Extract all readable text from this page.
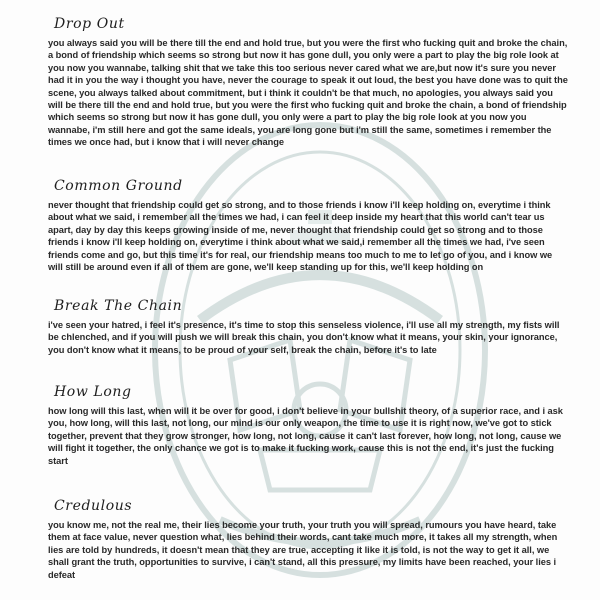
Drop Out

you always said you will be there till the end and hold true, but you were the first who fucking quit and broke the chain, a bond of friendship which seems so strong but now it has gone dull, you only were a part to play the big role look at you now you wannabe, talking shit that we take this too serious never cared what we are,but now it's sure you never had it in you the way i thought you have, never the courage to speak it out loud, the best you have done was to quit the scene, you always talked about commitment, but i think it couldn't be that much, no apologies, you always said you will be there till the end and hold true, but you were the first who fucking quit and broke the chain, a bond of friendship which seems so strong but now it has gone dull, you only were a part to play the big role look at you now you wannabe, i'm still here and got the same ideals, you are long gone but i'm still the same, sometimes i remember the times we once had, but i know that i will never change

Common Ground

never thought that friendship could get so strong, and to those friends i know i'll keep holding on, everytime i think about what we said, i remember all the times we had, i can feel it deep inside my heart that this world can't tear us apart, day by day this keeps growing inside of me, never thought that friendship could get so strong and to those friends i know i'll keep holding on, everytime i think about what we said,i remember all the times we had, i've seen friends come and go, but this time it's for real, our friendship means too much to me to let go of you, and i know we will still be around even if all of them are gone, we'll keep standing up for this, we'll keep holding on

Break The Chain

i've seen your hatred, i feel it's presence, it's time to stop this senseless violence, i'll use all my strength, my fists will be chlenched, and if you will push we will break this chain, you don't know what it means, your skin, your ignorance, you don't know what it means, to be proud of your self, break the chain, before it's to late

How Long

how long will this last, when will it be over for good, i don't believe in your bullshit theory, of a superior race, and i ask you, how long, will this last, not long, our mind is our only weapon, the time to use it is right now, we've got to stick together, prevent that they grow stronger, how long, not long, cause it can't last forever, how long, not long, cause we will fight it together, the only chance we got is to make it fucking work, cause this is not the end, it's just the fucking start

Credulous

you know me, not the real me, their lies become your truth, your truth you will spread, rumours you have heard, take them at face value, never question what, lies behind their words, cant take much more, it takes all my strength, when lies are told by hundreds, it doesn't mean that they are true, accepting it like it is told, is not the way to get it all, we shall grant the truth, opportunities to survive, i can't stand, all this pressure, my limits have been reached, your lies i defeat
